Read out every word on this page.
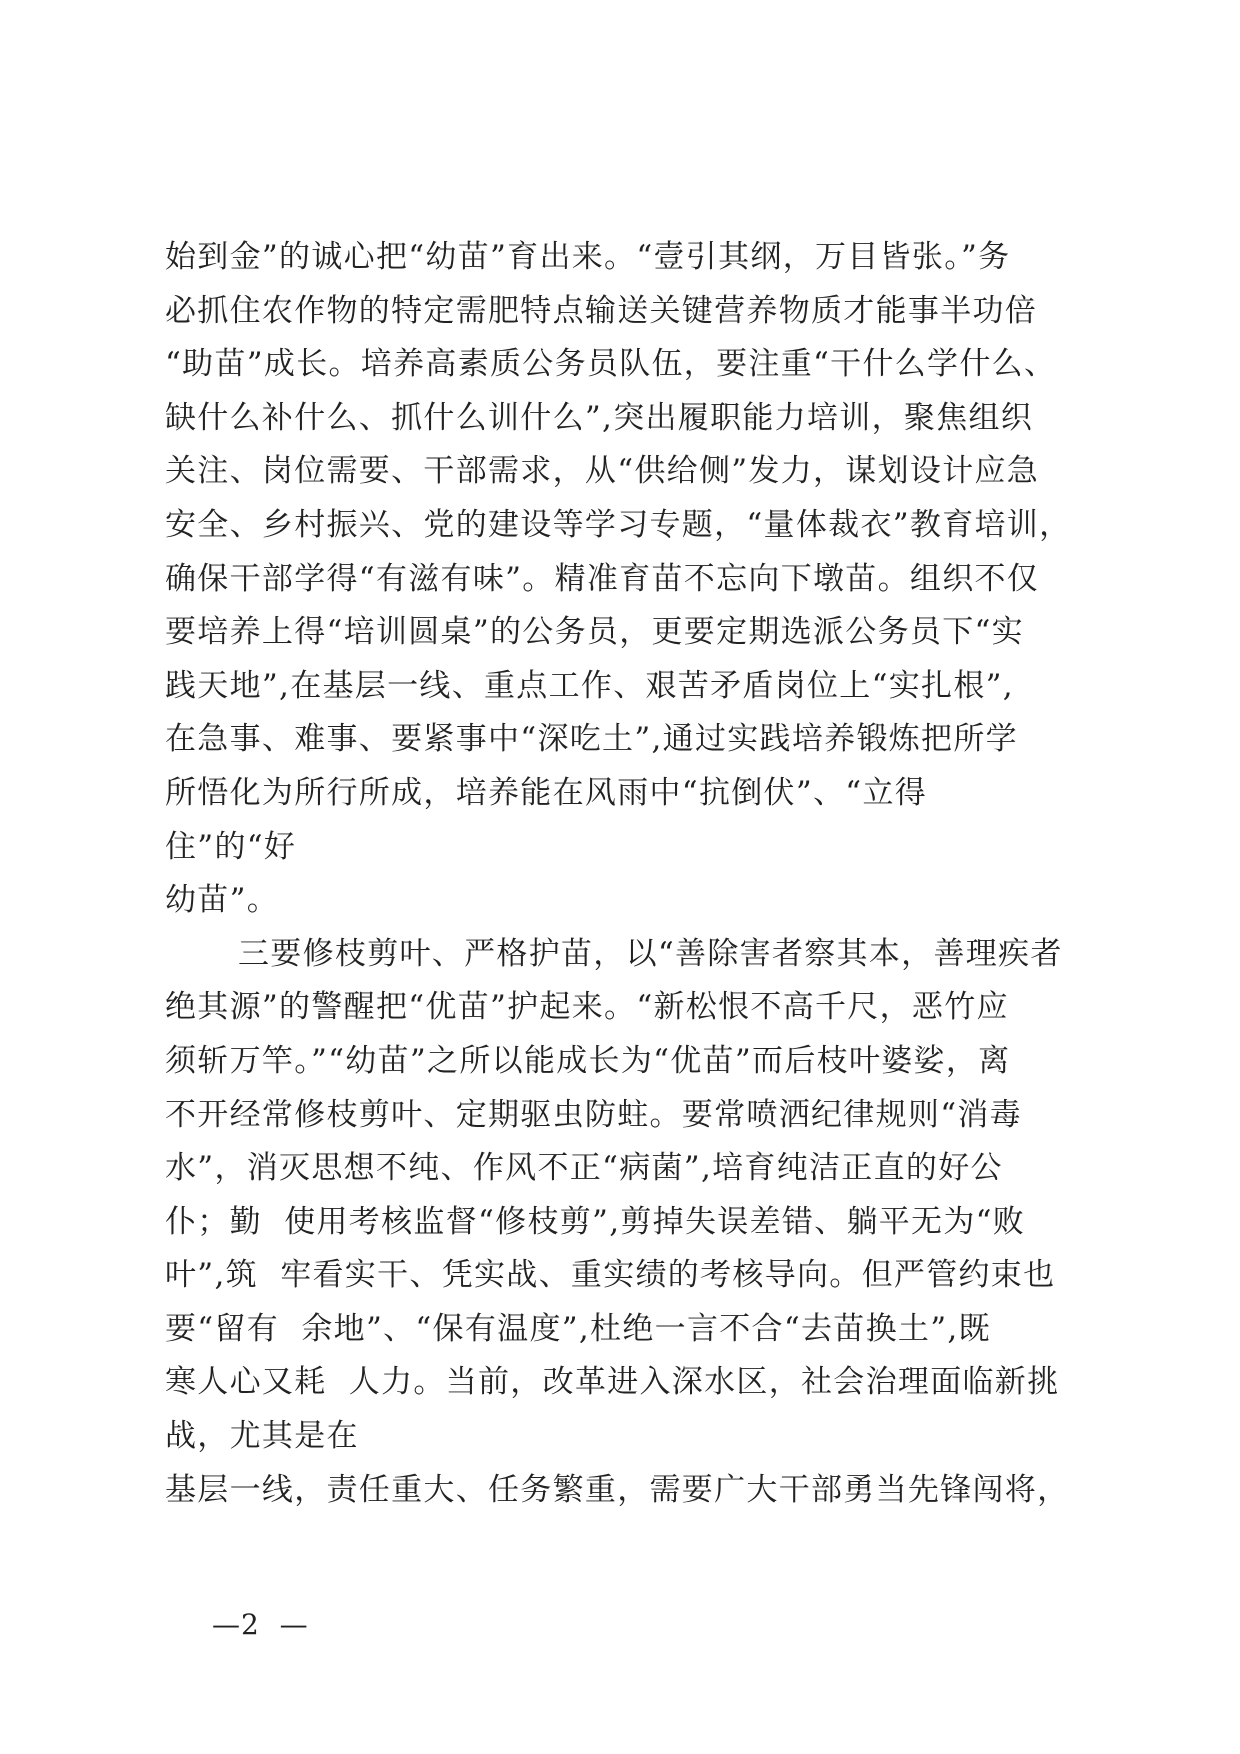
始到金”的诚心把“幼苗”育出来。“壹引其纲，万目皆张。”务
必抓住农作物的特定需肥特点输送关键营养物质才能事半功倍
“助苗”成长。培养高素质公务员队伍，要注重“干什么学什么、
缺什么补什么、抓什么训什么”,突出履职能力培训，聚焦组织
关注、岗位需要、干部需求，从“供给侧”发力，谋划设计应急
安全、乡村振兴、党的建设等学习专题，“量体裁衣”教育培训，
确保干部学得“有滋有味”。精准育苗不忘向下墩苗。组织不仅
要培养上得“培训圆桌”的公务员，更要定期选派公务员下“实
践天地”,在基层一线、重点工作、艰苦矛盾岗位上“实扎根”,
在急事、难事、要紧事中“深吃土”,通过实践培养锻炼把所学
所悟化为所行所成，培养能在风雨中“抗倒伏”、“立得
住”的“好
幼苗”。
三要修枝剪叶、严格护苗，以“善除害者察其本，善理疾者
绝其源”的警醒把“优苗”护起来。“新松恨不高千尺，恶竹应
须斩万竿。”“幼苗”之所以能成长为“优苗”而后枝叶婆娑，离
不开经常修枝剪叶、定期驱虫防蛀。要常喷洒纪律规则“消毒
水”，消灭思想不纯、作风不正“病菌”,培育纯洁正直的好公
仆；勤  使用考核监督“修枝剪”,剪掉失误差错、躺平无为“败
叶”,筑  牢看实干、凭实战、重实绩的考核导向。但严管约束也
要“留有  余地”、“保有温度”,杜绝一言不合“去苗换土”,既
寒人心又耗  人力。当前，改革进入深水区，社会治理面临新挑
战，尤其是在
基层一线，责任重大、任务繁重，需要广大干部勇当先锋闯将，
—2  —
